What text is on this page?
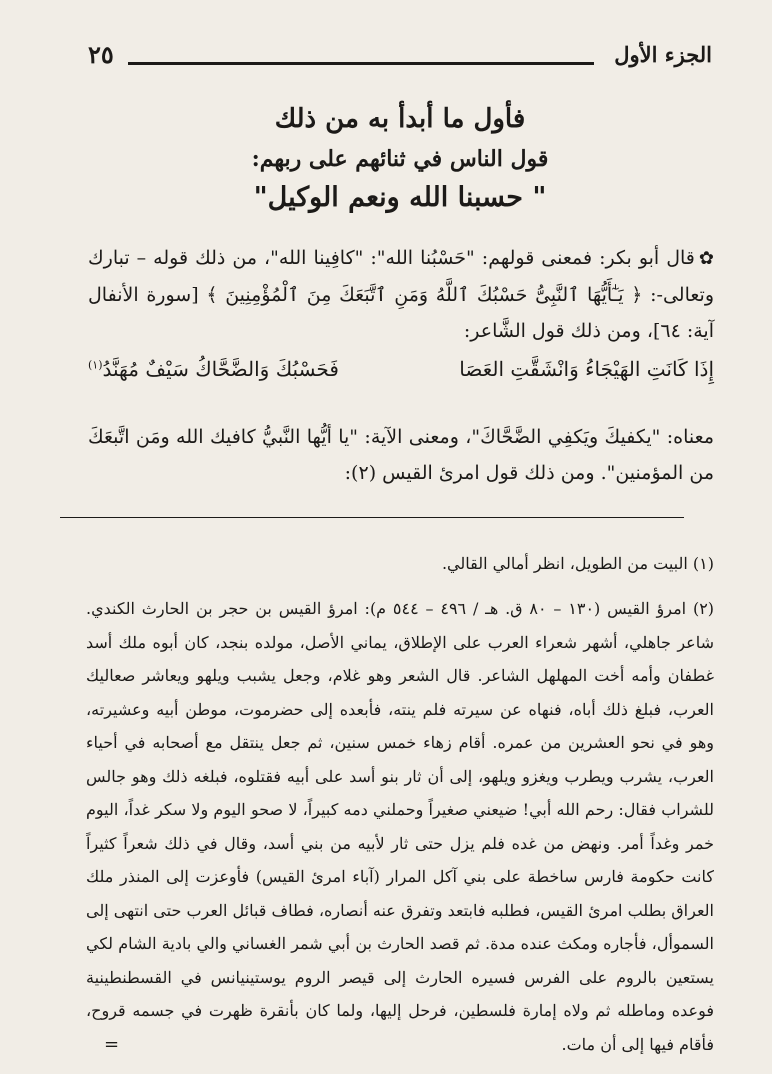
الجزء الأول
٢٥
فأول ما أبدأ به من ذلك
قول الناس في ثنائهم على ربهم:
" حسبنا الله ونعم الوكيل"
✿قال أبو بكر: فمعنى قولهم: "حَسْبُنا الله": "كافِينا الله"، من ذلك قوله – تبارك وتعالى-: ﴿ يَـٰٓأَيُّهَا ٱلنَّبِىُّ حَسْبُكَ ٱللَّهُ وَمَنِ ٱتَّبَعَكَ مِنَ ٱلْمُؤْمِنِينَ ﴾ [سورة الأنفال آية: ٦٤]، ومن ذلك قول الشَّاعر:
إِذَا كَانَتِ الهَيْجَاءُ وَانْشَقَّتِ العَصَا
فَحَسْبُكَ وَالضَّحَّاكُ سَيْفٌ مُهَنَّدُ$^{(١)}$
معناه: "يكفيكَ ويَكفِي الضَّحَّاكَ"، ومعنى الآية: "يا أيُّها النَّبيُّ كافيك الله ومَن اتَّبعَكَ من المؤمنين". ومن ذلك قول امرئ القيس (٢):
(١) البيت من الطويل، انظر أمالي القالي.
(٢) امرؤ القيس (١٣٠ – ٨٠ ق. هـ / ٤٩٦ – ٥٤٤ م): امرؤ القيس بن حجر بن الحارث الكندي. شاعر جاهلي، أشهر شعراء العرب على الإطلاق، يماني الأصل، مولده بنجد، كان أبوه ملك أسد غطفان وأمه أخت المهلهل الشاعر. قال الشعر وهو غلام، وجعل يشبب ويلهو ويعاشر صعاليك العرب، فبلغ ذلك أباه، فنهاه عن سيرته فلم ينته، فأبعده إلى حضرموت، موطن أبيه وعشيرته، وهو في نحو العشرين من عمره. أقام زهاء خمس سنين، ثم جعل ينتقل مع أصحابه في أحياء العرب، يشرب ويطرب ويغزو ويلهو، إلى أن ثار بنو أسد على أبيه فقتلوه، فبلغه ذلك وهو جالس للشراب فقال: رحم الله أبي! ضيعني صغيراً وحملني دمه كبيراً، لا صحو اليوم ولا سكر غداً، اليوم خمر وغداً أمر. ونهض من غده فلم يزل حتى ثار لأبيه من بني أسد، وقال في ذلك شعراً كثيراً كانت حكومة فارس ساخطة على بني آكل المرار (آباء امرئ القيس) فأوعزت إلى المنذر ملك العراق بطلب امرئ القيس، فطلبه فابتعد وتفرق عنه أنصاره، فطاف قبائل العرب حتى انتهى إلى السموأل، فأجاره ومكث عنده مدة. ثم قصد الحارث بن أبي شمر الغساني والي بادية الشام لكي يستعين بالروم على الفرس فسيره الحارث إلى قيصر الروم يوستينيانس في القسطنطينية فوعده وماطله ثم ولاه إمارة فلسطين، فرحل إليها، ولما كان بأنقرة ظهرت في جسمه قروح، فأقام فيها إلى أن مات.
=
